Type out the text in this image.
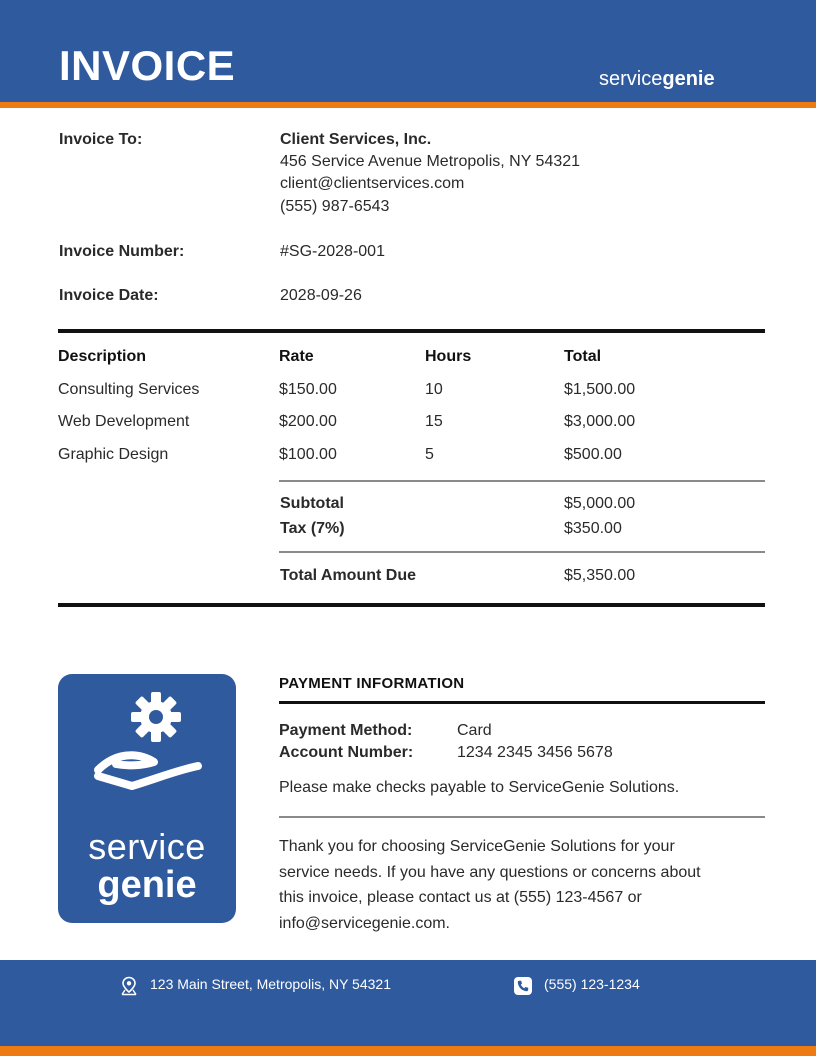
INVOICE	servicegenie
Invoice To:	Client Services, Inc.
456 Service Avenue Metropolis, NY 54321
client@clientservices.com
(555) 987-6543
Invoice Number:	#SG-2028-001
Invoice Date:	2028-09-26
Description	Rate	Hours	Total
Consulting Services	$150.00	10	$1,500.00
Web Development	$200.00	15	$3,000.00
Graphic Design	$100.00	5	$500.00
Subtotal	$5,000.00
Tax (7%)	$350.00
Total Amount Due	$5,350.00
service
genie
PAYMENT INFORMATION
Payment Method:	Card
Account Number:	1234 2345 3456 5678
Please make checks payable to ServiceGenie Solutions.
Thank you for choosing ServiceGenie Solutions for your service needs. If you have any questions or concerns about this invoice, please contact us at (555) 123-4567 or info@servicegenie.com.
123 Main Street, Metropolis, NY 54321	(555) 123-1234
